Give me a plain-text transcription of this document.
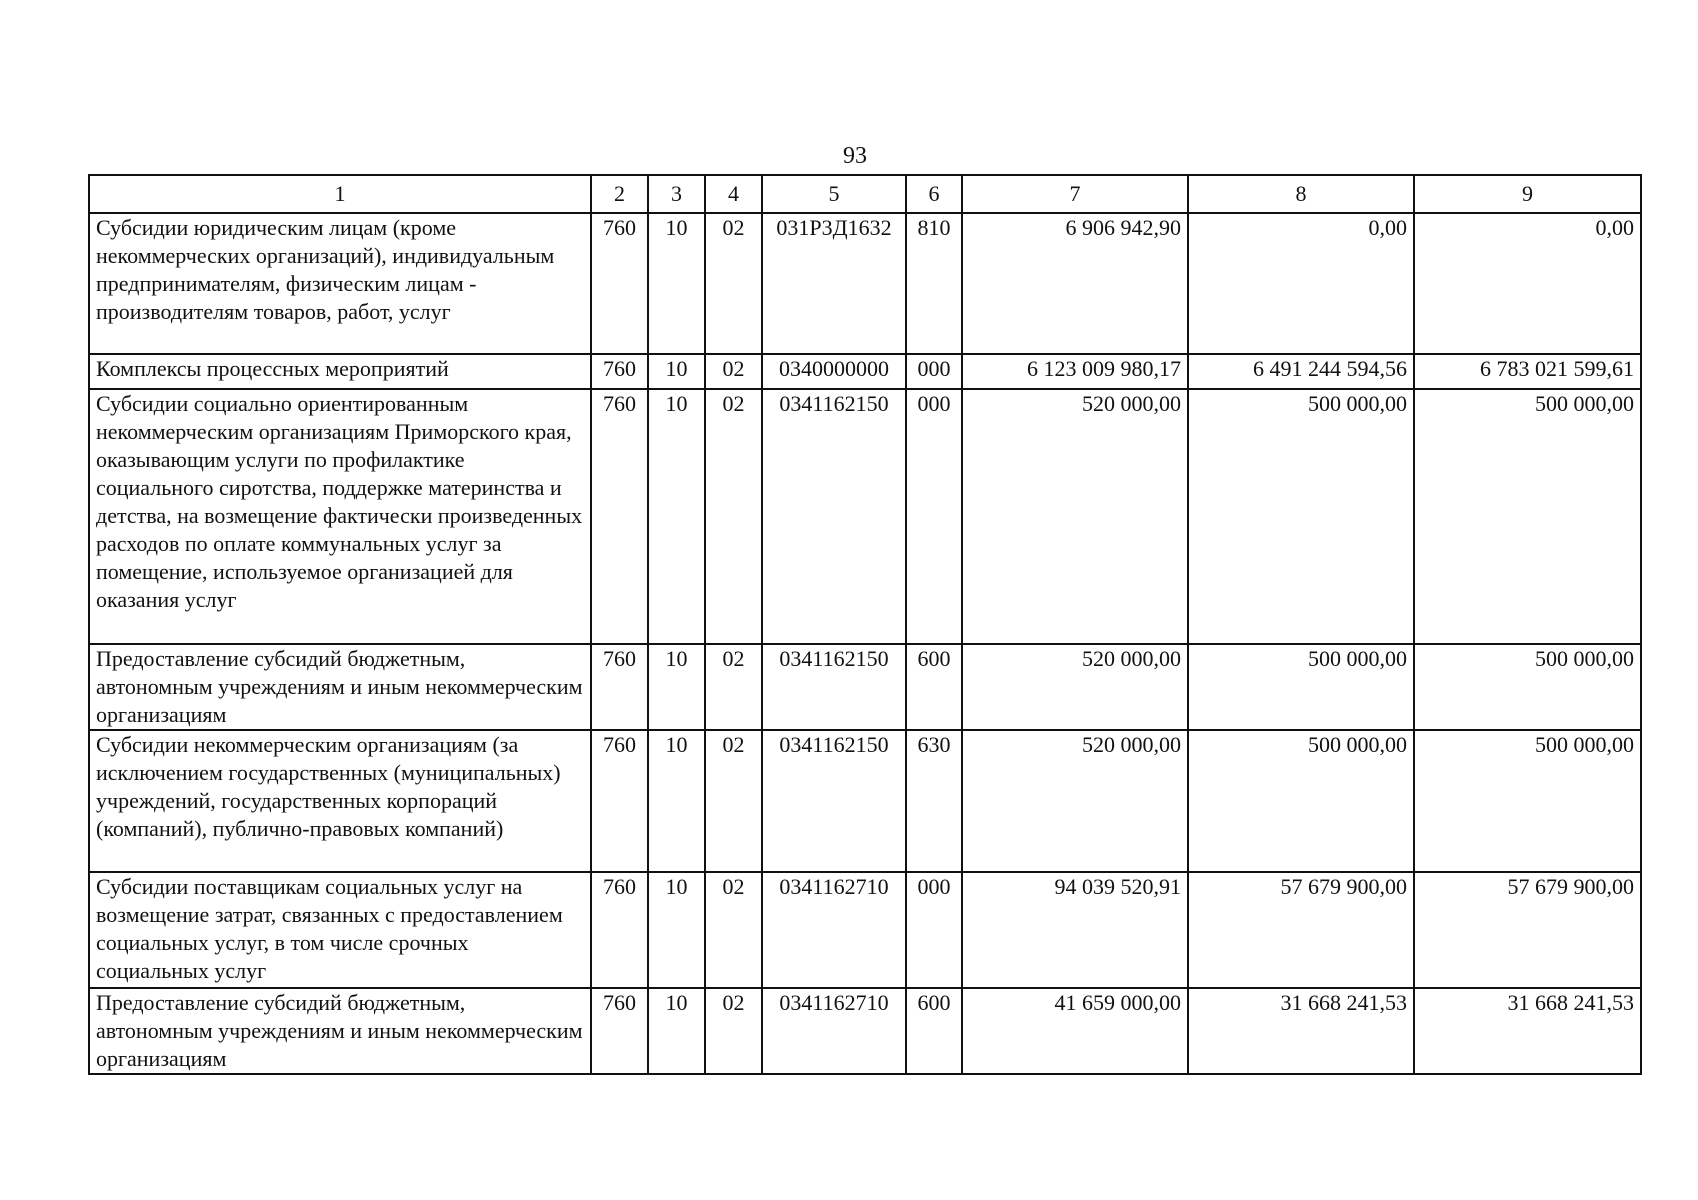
93
1	2	3	4	5	6	7	8	9
Субсидии юридическим лицам (кроме некоммерческих организаций), индивидуальным предпринимателям, физическим лицам - производителям товаров, работ, услуг	760	10	02	031Р3Д1632	810	6 906 942,90	0,00	0,00
Комплексы процессных мероприятий	760	10	02	0340000000	000	6 123 009 980,17	6 491 244 594,56	6 783 021 599,61
Субсидии социально ориентированным некоммерческим организациям Приморского края, оказывающим услуги по профилактике социального сиротства, поддержке материнства и детства, на возмещение фактически произведенных расходов по оплате коммунальных услуг за помещение, используемое организацией для оказания услуг	760	10	02	0341162150	000	520 000,00	500 000,00	500 000,00
Предоставление субсидий бюджетным, автономным учреждениям и иным некоммерческим организациям	760	10	02	0341162150	600	520 000,00	500 000,00	500 000,00
Субсидии некоммерческим организациям (за исключением государственных (муниципальных) учреждений, государственных корпораций (компаний), публично-правовых компаний)	760	10	02	0341162150	630	520 000,00	500 000,00	500 000,00
Субсидии поставщикам социальных услуг на возмещение затрат, связанных с предоставлением социальных услуг, в том числе срочных социальных услуг	760	10	02	0341162710	000	94 039 520,91	57 679 900,00	57 679 900,00
Предоставление субсидий бюджетным, автономным учреждениям и иным некоммерческим организациям	760	10	02	0341162710	600	41 659 000,00	31 668 241,53	31 668 241,53
